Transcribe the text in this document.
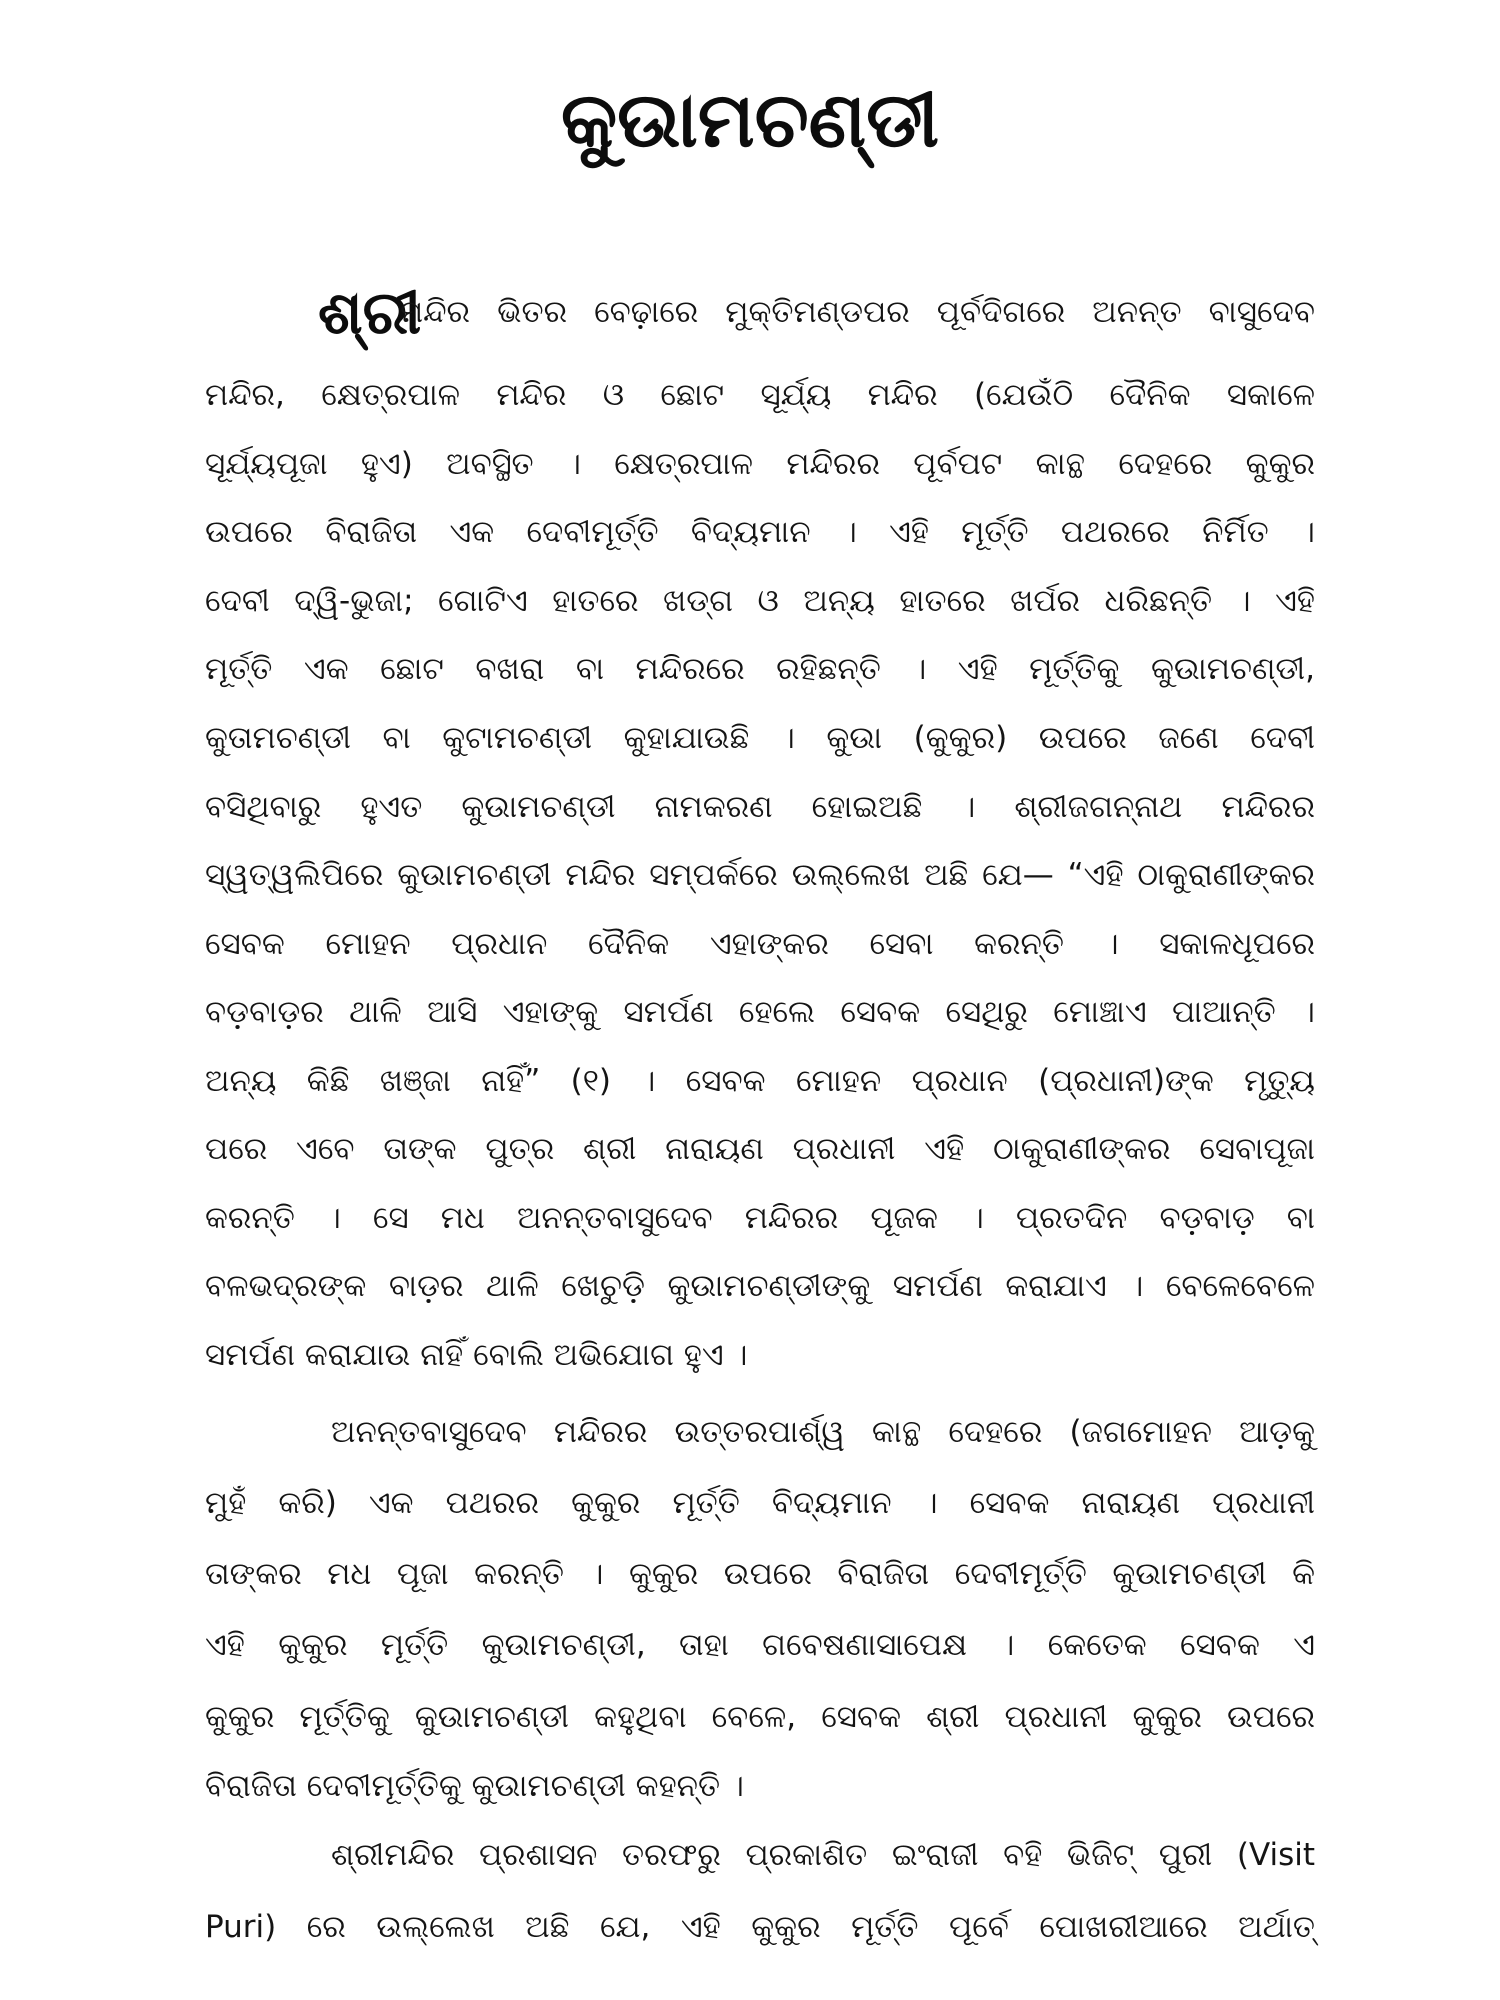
କୁଉାମଚଣ୍ଡୀ
ଶ୍ରୀ
ମନ୍ଦିର ଭିତର ବେଢ଼ାରେ ମୁକ୍ତିମଣ୍ଡପର ପୂର୍ବଦିଗରେ ଅନନ୍ତ ବାସୁଦେବ
ମନ୍ଦିର, କ୍ଷେତ୍ରପାଳ ମନ୍ଦିର ଓ ଛୋଟ ସୂର୍ଯ୍ୟ ମନ୍ଦିର (ଯେଉଁଠି ଦୈନିକ ସକାଳେ
ସୂର୍ଯ୍ୟପୂଜା ହୁଏ) ଅବସ୍ଥିତ । କ୍ଷେତ୍ରପାଳ ମନ୍ଦିରର ପୂର୍ବପଟ କାନ୍ଥ ଦେହରେ କୁକୁର
ଉପରେ ବିରାଜିତା ଏକ ଦେବୀମୂର୍ତ୍ତି ବିଦ୍ୟମାନ । ଏହି ମୂର୍ତ୍ତି ପଥରରେ ନିର୍ମିତ ।
ଦେବୀ ଦ୍ୱି-ଭୁଜା; ଗୋଟିଏ ହାତରେ ଖଡ୍‌ଗ ଓ ଅନ୍ୟ ହାତରେ ଖର୍ପର ଧରିଛନ୍ତି । ଏହି
ମୂର୍ତ୍ତି ଏକ ଛୋଟ ବଖରା ବା ମନ୍ଦିରରେ ରହିଛନ୍ତି । ଏହି ମୂର୍ତ୍ତିକୁ କୁଉାମଚଣ୍ଡୀ,
କୁତାମଚଣ୍ଡୀ ବା କୁଟାମଚଣ୍ଡୀ କୁହାଯାଉଛି । କୁଉା (କୁକୁର) ଉପରେ ଜଣେ ଦେବୀ
ବସିଥିବାରୁ ହୁଏତ କୁଉାମଚଣ୍ଡୀ ନାମକରଣ ହୋଇଅଛି । ଶ୍ରୀଜଗନ୍ନାଥ ମନ୍ଦିରର
ସ୍ୱତ୍ୱଲିପିରେ କୁଉାମଚଣ୍ଡୀ ମନ୍ଦିର ସମ୍ପର୍କରେ ଉଲ୍ଲେଖ ଅଛି ଯେ— “ଏହି ଠାକୁରାଣୀଙ୍କର
ସେବକ ମୋହନ ପ୍ରଧାନ ଦୈନିକ ଏହାଙ୍କର ସେବା କରନ୍ତି । ସକାଳଧୂପରେ
ବଡ଼ବାଡ଼ର ଥାଳି ଆସି ଏହାଙ୍କୁ ସମର୍ପଣ ହେଲେ ସେବକ ସେଥିରୁ ମୋଞ୍ଚାଏ ପାଆନ୍ତି ।
ଅନ୍ୟ କିଛି ଖଞ୍ଜା ନାହିଁ” (୧) । ସେବକ ମୋହନ ପ୍ରଧାନ (ପ୍ରଧାନୀ)ଙ୍କ ମୃତ୍ୟୁ
ପରେ ଏବେ ତାଙ୍କ ପୁତ୍ର ଶ୍ରୀ ନାରାୟଣ ପ୍ରଧାନୀ ଏହି ଠାକୁରାଣୀଙ୍କର ସେବାପୂଜା
କରନ୍ତି । ସେ ମଧ ଅନନ୍ତବାସୁଦେବ ମନ୍ଦିରର ପୂଜକ । ପ୍ରତଦିନ ବଡ଼ବାଡ଼ ବା
ବଳଭଦ୍ରଙ୍କ ବାଡ଼ର ଥାଳି ଖେଚୁଡ଼ି କୁଉାମଚଣ୍ଡୀଙ୍କୁ ସମର୍ପଣ କରାଯାଏ । ବେଳେବେଳେ
ସମର୍ପଣ କରାଯାଉ ନାହିଁ ବୋଲି ଅଭିଯୋଗ ହୁଏ ।
ଅନନ୍ତବାସୁଦେବ ମନ୍ଦିରର ଉତ୍ତରପାର୍ଶ୍ୱ କାନ୍ଥ ଦେହରେ (ଜଗମୋହନ ଆଡ଼କୁ
ମୁହଁ କରି) ଏକ ପଥରର କୁକୁର ମୂର୍ତ୍ତି ବିଦ୍ୟମାନ । ସେବକ ନାରାୟଣ ପ୍ରଧାନୀ
ତାଙ୍କର ମଧ ପୂଜା କରନ୍ତି । କୁକୁର ଉପରେ ବିରାଜିତା ଦେବୀମୂର୍ତ୍ତି କୁଉାମଚଣ୍ଡୀ କି
ଏହି କୁକୁର ମୂର୍ତ୍ତି କୁଉାମଚଣ୍ଡୀ, ତାହା ଗବେଷଣାସାପେକ୍ଷ । କେତେକ ସେବକ ଏ
କୁକୁର ମୂର୍ତ୍ତିକୁ କୁଉାମଚଣ୍ଡୀ କହୁଥିବା ବେଳେ, ସେବକ ଶ୍ରୀ ପ୍ରଧାନୀ କୁକୁର ଉପରେ
ବିରାଜିତା ଦେବୀମୂର୍ତ୍ତିକୁ କୁଉାମଚଣ୍ଡୀ କହନ୍ତି ।
ଶ୍ରୀମନ୍ଦିର ପ୍ରଶାସନ ତରଫରୁ ପ୍ରକାଶିତ ଇଂରାଜୀ ବହି ଭିଜିଟ୍ ପୁରୀ (Visit
Puri) ରେ ଉଲ୍ଲେଖ ଅଛି ଯେ, ଏହି କୁକୁର ମୂର୍ତ୍ତି ପୂର୍ବେ ପୋଖରୀଆରେ ଅର୍ଥାତ୍
